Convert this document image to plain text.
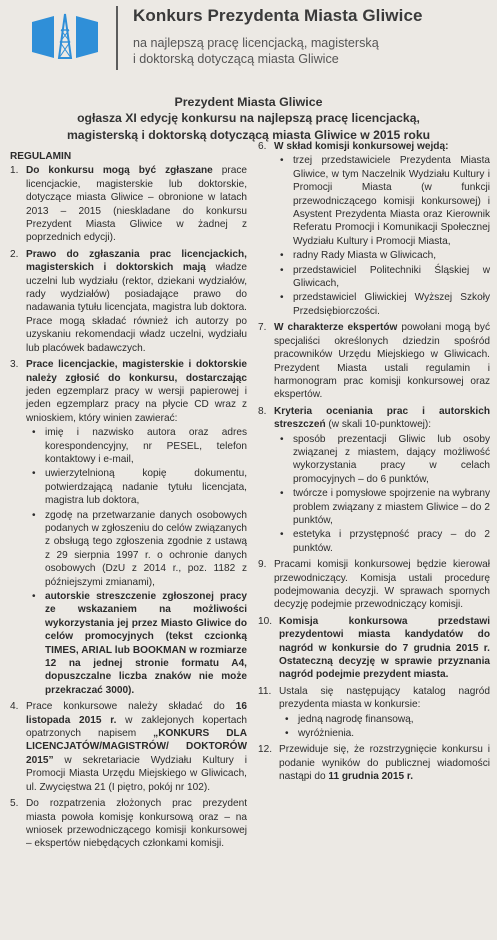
Konkurs Prezydenta Miasta Gliwice
na najlepszą pracę licencjacką, magisterską
i doktorską dotyczącą miasta Gliwice
Prezydent Miasta Gliwice
ogłasza XI edycję konkursu na najlepszą pracę licencjacką,
magisterską i doktorską dotyczącą miasta Gliwice w 2015 roku
REGULAMIN
1. Do konkursu mogą być zgłaszane prace licencjackie, magisterskie lub doktorskie, dotyczące miasta Gliwice – obronione w latach 2013 – 2015 (nieskladane do konkursu Prezydent Miasta Gliwice w żadnej z poprzednich edycji).
2. Prawo do zgłaszania prac licencjackich, magisterskich i doktorskich mają władze uczelni lub wydziału (rektor, dziekani wydziałów, rady wydziałów) posiadające prawo do nadawania tytułu licencjata, magistra lub doktora. Prace mogą składać również ich autorzy po uzyskaniu rekomendacji władz uczelni, wydziału lub placówek badawczych.
3. Prace licencjackie, magisterskie i doktorskie należy zgłosić do konkursu, dostarczając jeden egzemplarz pracy w wersji papierowej i jeden egzemplarz pracy na płycie CD wraz z wnioskiem, który winien zawierać:
• imię i nazwisko autora oraz adres korespondencyjny, nr PESEL, telefon kontaktowy i e-mail,
• uwierzytelnioną kopię dokumentu, potwierdzającą nadanie tytułu licencjata, magistra lub doktora,
• zgodę na przetwarzanie danych osobowych podanych w zgłoszeniu do celów związanych z obsługą tego zgłoszenia zgodnie z ustawą z 29 sierpnia 1997 r. o ochronie danych osobowych (DzU z 2014 r., poz. 1182 z późniejszymi zmianami),
• autorskie streszczenie zgłoszonej pracy ze wskazaniem na możliwości wykorzystania jej przez Miasto Gliwice do celów promocyjnych (tekst czcionką TIMES, ARIAL lub BOOKMAN w rozmiarze 12 na jednej stronie formatu A4, dopuszczalne liczba znaków nie może przekraczać 3000).
4. Prace konkursowe należy składać do 16 listopada 2015 r. w zaklejonych kopertach opatrzonych napisem „KONKURS DLA LICENCJATÓW/MAGISTRÓW/ DOKTORÓW 2015” w sekretariacie Wydziału Kultury i Promocji Miasta Urzędu Miejskiego w Gliwicach, ul. Zwycięstwa 21 (I piętro, pokój nr 102).
5. Do rozpatrzenia złożonych prac prezydent miasta powoła komisję konkursową oraz – na wniosek przewodniczącego komisji konkursowej – ekspertów niebędących członkami komisji.
6. W skład komisji konkursowej wejdą:
• trzej przedstawiciele Prezydenta Miasta Gliwice, w tym Naczelnik Wydziału Kultury i Promocji Miasta (w funkcji przewodniczącego komisji konkursowej) i Asystent Prezydenta Miasta oraz Kierownik Referatu Promocji i Komunikacji Społecznej Wydziału Kultury i Promocji Miasta,
• radny Rady Miasta w Gliwicach,
• przedstawiciel Politechniki Śląskiej w Gliwicach,
• przedstawiciel Gliwickiej Wyższej Szkoły Przedsiębiorczości.
7. W charakterze ekspertów powołani mogą być specjaliści określonych dziedzin spośród pracowników Urzędu Miejskiego w Gliwicach. Prezydent Miasta ustali regulamin i harmonogram prac komisji konkursowej oraz ekspertów.
8. Kryteria oceniania prac i autorskich streszczeń (w skali 10-punktowej):
• sposób prezentacji Gliwic lub osoby związanej z miastem, dający możliwość wykorzystania pracy w celach promocyjnych – do 6 punktów,
• twórcze i pomysłowe spojrzenie na wybrany problem związany z miastem Gliwice – do 2 punktów,
• estetyka i przystępność pracy – do 2 punktów.
9. Pracami komisji konkursowej będzie kierował przewodniczący. Komisja ustali procedurę podejmowania decyzji. W sprawach spornych decyzję podejmie przewodniczący komisji.
10. Komisja konkursowa przedstawi prezydentowi miasta kandydatów do nagród w konkursie do 7 grudnia 2015 r. Ostateczną decyzję w sprawie przyznania nagród podejmie prezydent miasta.
11. Ustala się następujący katalog nagród prezydenta miasta w konkursie:
• jedną nagrodę finansową,
• wyróżnienia.
12. Przewiduje się, że rozstrzygnięcie konkursu i podanie wyników do publicznej wiadomości nastąpi do 11 grudnia 2015 r.
